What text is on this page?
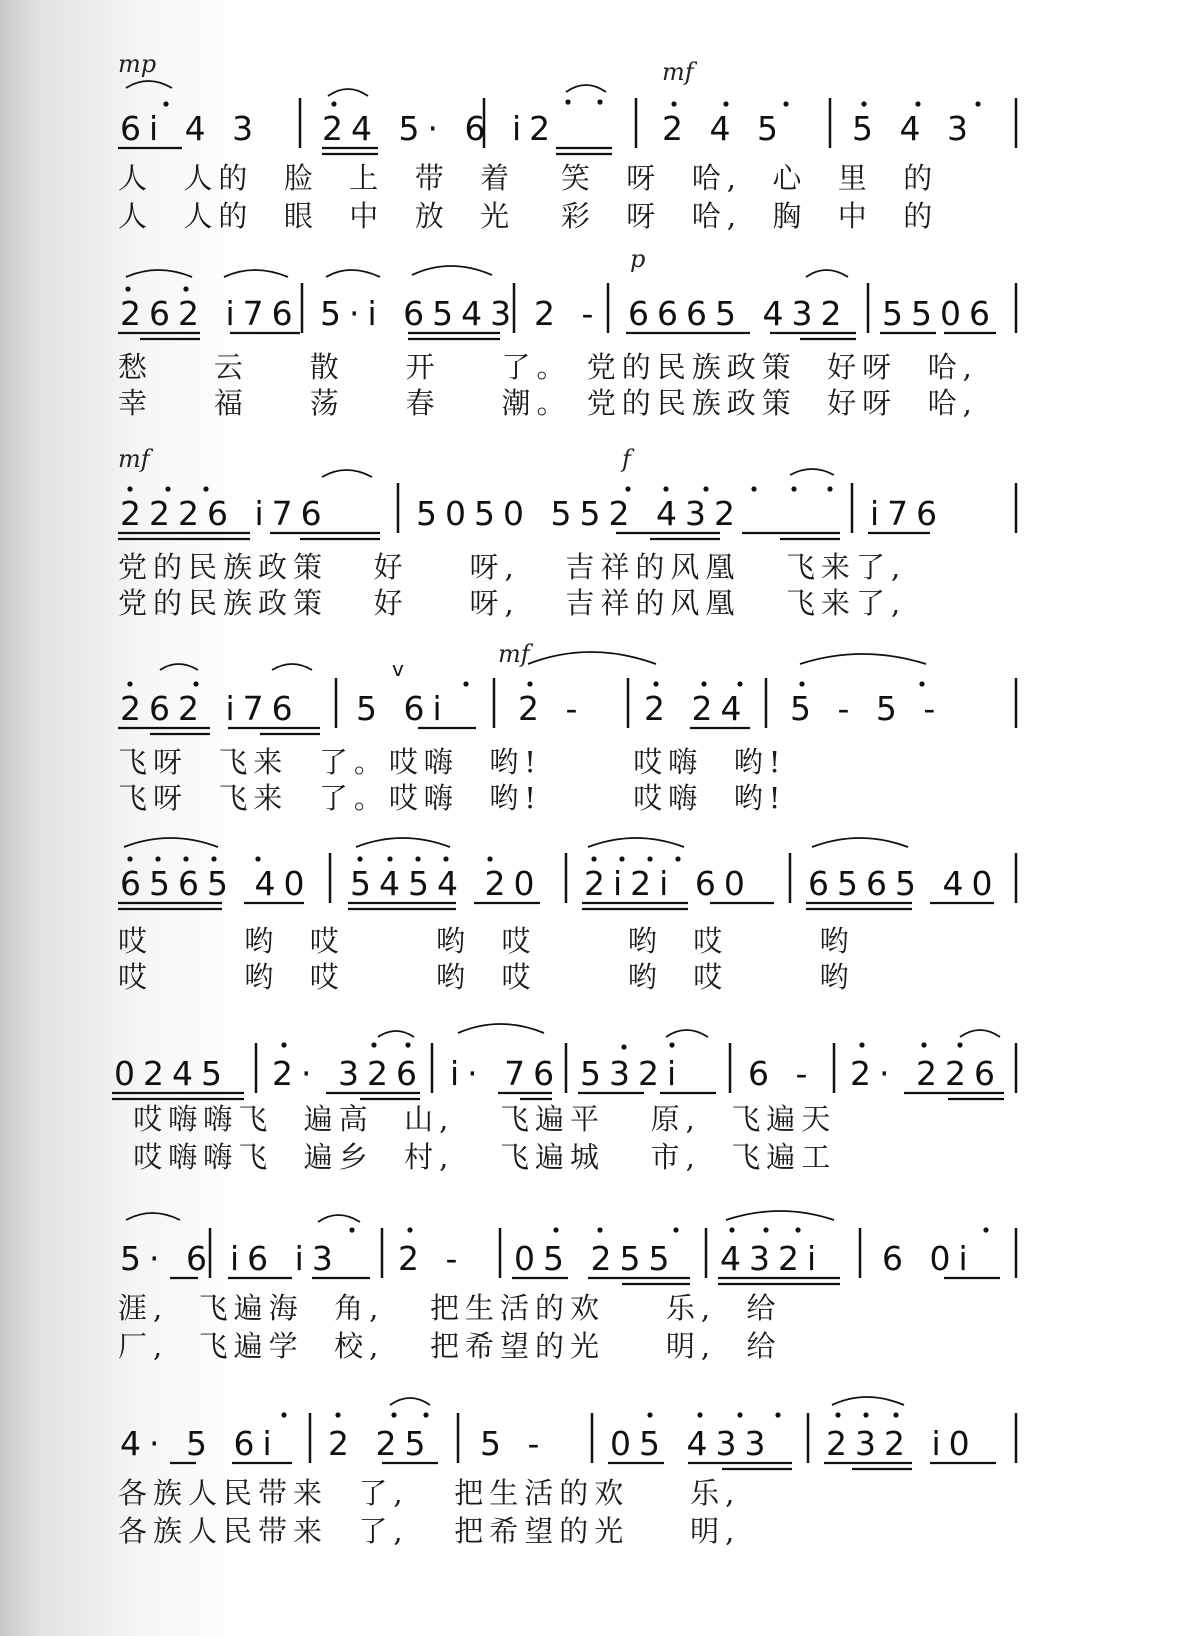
mp	mf
6i 4 3 24 5· 6 i2	2 4 5 5 4 3
人  人的  脸  上  带  着   笑  呀  哈,  心  里  的
人  人的  眼  中  放  光   彩  呀  哈,  胸  中  的
p
262 i76 5·i 6543 2 - 6665 432 5506
愁    云    散    开    了。 党的民族政策  好呀  哈,
幸    福    荡    春    潮。 党的民族政策  好呀  哈,
mf	f
2226 i76	5050 552 432	i76
党的民族政策   好    呀,   吉祥的风凰   飞来了,
党的民族政策   好    呀,   吉祥的风凰   飞来了,
mf
262 i76
v
5 6i 2 - 2 24 5 - 5 -
飞呀  飞来  了。哎嗨  哟!      哎嗨  哟!
飞呀  飞来  了。哎嗨  哟!      哎嗨  哟!
6565 40 5454 20 2i2i 60 6565 40
哎      哟  哎      哟  哎      哟  哎      哟
哎      哟  哎      哟  哎      哟  哎      哟
0245 2· 326 i· 76 532i 6 - 2· 226
哎嗨嗨飞  遍高  山,   飞遍平   原,  飞遍天
哎嗨嗨飞  遍乡  村,   飞遍城   市,  飞遍工
5· 6 i6 i3 2 - 05 255 432i 6 0i
涯,  飞遍海  角,   把生活的欢    乐,  给
厂,  飞遍学  校,   把希望的光    明,  给
4· 5 6i 2 25 5 - 05 433 232 i0
各族人民带来  了,   把生活的欢    乐,
各族人民带来  了,   把希望的光    明,
